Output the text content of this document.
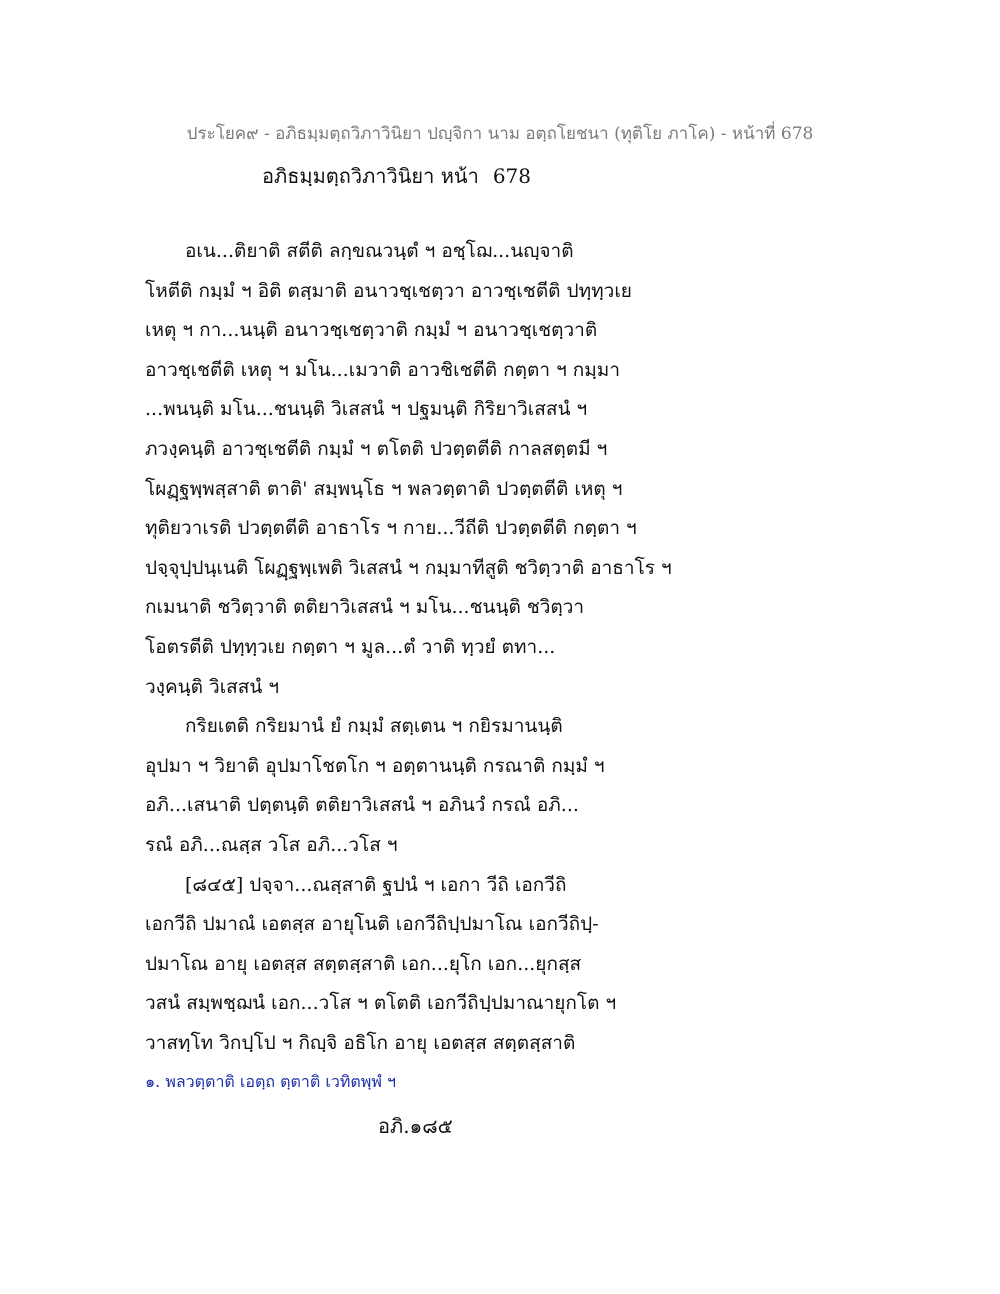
ประโยค๙ - อภิธมฺมตฺถวิภาวินิยา ปญฺจิกา นาม อตฺถโยชนา (ทุติโย ภาโค) - หน้าที่ 678
อภิธมฺมตฺถวิภาวินิยา หน้า 678
อเน...ติยาติ สตีติ ลกฺขณวนฺตํ ฯ อชฺโฌ...นญฺจาติ
โหตีติ กมฺมํ ฯ อิติ ตสฺมาติ อนาวชฺเชตฺวา อาวชฺเชตีติ ปทฺทฺวเย
เหตุ ฯ กา...นนฺติ อนาวชฺเชตฺวาติ กมฺมํ ฯ อนาวชฺเชตฺวาติ
อาวชฺเชตีติ เหตุ ฯ มโน...เมวาติ อาวชิเชตีติ กตฺตา ฯ กมฺมา
...พนนฺติ มโน...ชนนฺติ วิเสสนํ ฯ ปฐมนฺติ กิริยาวิเสสนํ ฯ
ภวงฺคนฺติ อาวชฺเชตีติ กมฺมํ ฯ ตโตติ ปวตฺตตีติ กาลสตฺตมี ฯ
โผฏฺฐพฺพสฺสาติ ตาติ' สมฺพนฺโธ ฯ พลวตฺตาติ ปวตฺตตีติ เหตุ ฯ
ทุติยวาเรติ ปวตฺตตีติ อาธาโร ฯ กาย...วีถีติ ปวตฺตตีติ กตฺตา ฯ
ปจฺจุปฺปนฺเนติ โผฏฺฐพฺเพติ วิเสสนํ ฯ กมฺมาทีสูติ ชวิตฺวาติ อาธาโร ฯ
กเมนาติ ชวิตฺวาติ ตติยาวิเสสนํ ฯ มโน...ชนนฺติ ชวิตฺวา
โอตรตีติ ปทฺทฺวเย กตฺตา ฯ มูล...ตํ วาติ ทฺวยํ ตทา...
วงฺคนฺติ วิเสสนํ ฯ
กริยเตติ กริยมานํ ยํ กมฺมํ สตฺเตน ฯ กยิรมานนฺติ
อุปมา ฯ วิยาติ อุปมาโชตโก ฯ อตฺตานนฺติ กรณาติ กมฺมํ ฯ
อภิ...เสนาติ ปตฺตนฺติ ตติยาวิเสสนํ ฯ อภินวํ กรณํ อภิ...
รณํ อภิ...ณสฺส วโส อภิ...วโส ฯ
[๘๔๕] ปจฺจา...ณสฺสาติ ฐปนํ ฯ เอกา วีถิ เอกวีถิ
เอกวีถิ ปมาณํ เอตสฺส อายุโนติ เอกวีถิปฺปมาโณ เอกวีถิปฺ-
ปมาโณ อายุ เอตสฺส สตฺตสฺสาติ เอก...ยุโก เอก...ยุกสฺส
วสนํ สมฺพชฺฌนํ เอก...วโส ฯ ตโตติ เอกวีถิปฺปมาณายุกโต ฯ
วาสทฺโท วิกปฺโป ฯ กิญฺจิ อธิโก อายุ เอตสฺส สตฺตสฺสาติ
๑. พลวตฺตาติ เอตฺถ ตฺตาติ เวทิตพฺพํ ฯ
อภิ.๑๘๕
